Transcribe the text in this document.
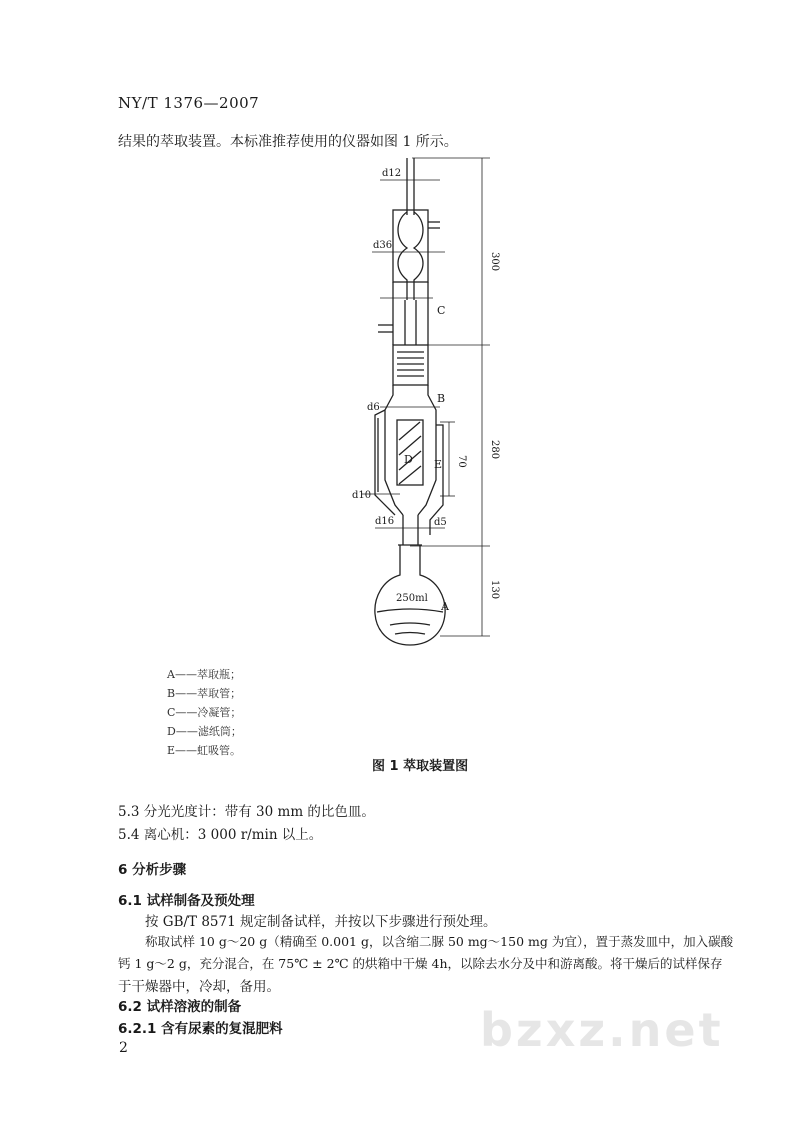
NY/T 1376—2007
结果的萃取装置。本标准推荐使用的仪器如图 1 所示。
d12
d36
d6
d10
d16	d5
B
C
D E
A
250ml
300
280
70
130
A——萃取瓶；
B——萃取管；
C——冷凝管；
D——滤纸筒；
E——虹吸管。
图 1 萃取装置图
5.3 分光光度计：带有 30 mm 的比色皿。
5.4 离心机：3 000 r/min 以上。
6 分析步骤
6.1 试样制备及预处理
按 GB/T 8571 规定制备试样，并按以下步骤进行预处理。
称取试样 10 g～20 g（精确至 0.001 g，以含缩二脲 50 mg～150 mg 为宜），置于蒸发皿中，加入碳酸
钙 1 g～2 g，充分混合，在 75℃ ± 2℃ 的烘箱中干燥 4h，以除去水分及中和游离酸。将干燥后的试样保存
于干燥器中，冷却，备用。
6.2 试样溶液的制备
6.2.1 含有尿素的复混肥料
2	bzxz.net
